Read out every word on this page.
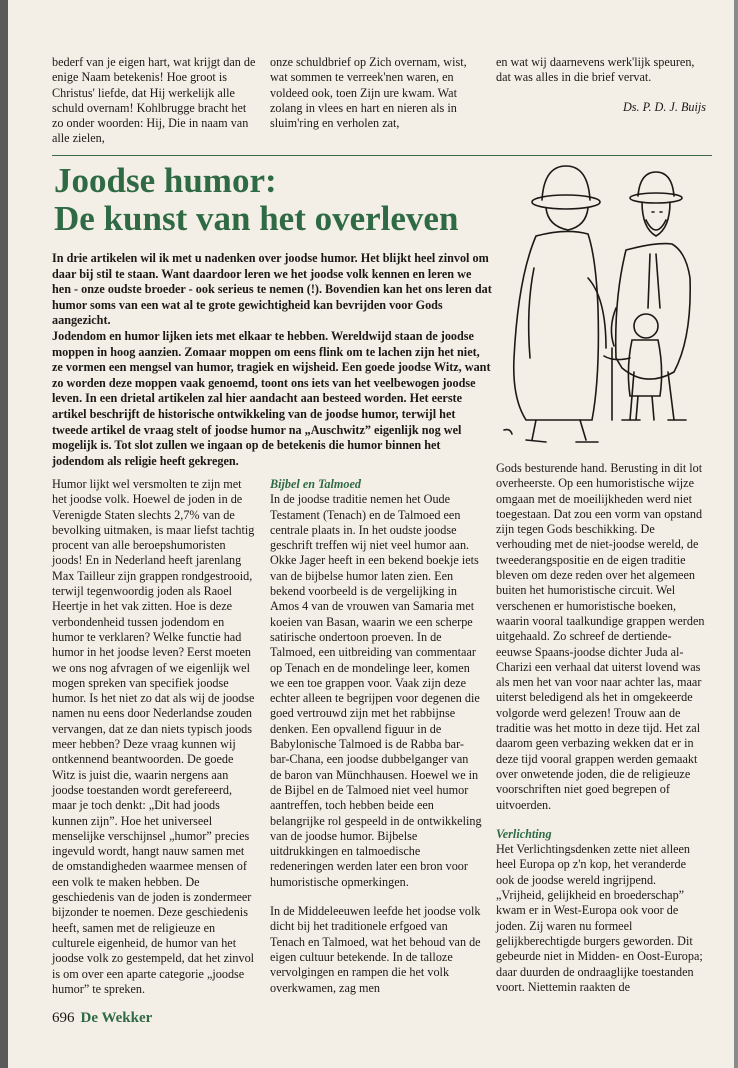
bederf van je eigen hart, wat krijgt dan de enige Naam betekenis! Hoe groot is Christus' liefde, dat Hij werkelijk alle schuld overnam! Kohlbrugge bracht het zo onder woorden: Hij, Die in naam van alle zielen,

onze schuldbrief op Zich overnam, wist, wat sommen te verreek'nen waren, en voldeed ook, toen Zijn ure kwam. Wat zolang in vlees en hart en nieren als in sluim'ring en verholen zat,

en wat wij daarnevens werk'lijk speuren, dat was alles in die brief vervat.

Ds. P. D. J. Buijs

Joodse humor:
De kunst van het overleven

In drie artikelen wil ik met u nadenken over joodse humor. Het blijkt heel zinvol om daar bij stil te staan. Want daardoor leren we het joodse volk kennen en leren we hen - onze oudste broeder - ook serieus te nemen (!). Bovendien kan het ons leren dat humor soms van een wat al te grote gewichtigheid kan bevrijden voor Gods aangezicht.

Jodendom en humor lijken iets met elkaar te hebben. Wereldwijd staan de joodse moppen in hoog aanzien. Zomaar moppen om eens flink om te lachen zijn het niet, ze vormen een mengsel van humor, tragiek en wijsheid. Een goede joodse Witz, want zo worden deze moppen vaak genoemd, toont ons iets van het veelbewogen joodse leven. In een drietal artikelen zal hier aandacht aan besteed worden. Het eerste artikel beschrijft de historische ontwikkeling van de joodse humor, terwijl het tweede artikel de vraag stelt of joodse humor na „Auschwitz” eigenlijk nog wel mogelijk is. Tot slot zullen we ingaan op de betekenis die humor binnen het jodendom als religie heeft gekregen.

Humor lijkt wel versmolten te zijn met het joodse volk. Hoewel de joden in de Verenigde Staten slechts 2,7% van de bevolking uitmaken, is maar liefst tachtig procent van alle beroepshumoristen joods! En in Nederland heeft jarenlang Max Tailleur zijn grappen rondgestrooid, terwijl tegenwoordig joden als Raoel Heertje in het vak zitten. Hoe is deze verbondenheid tussen jodendom en humor te verklaren? Welke functie had humor in het joodse leven? Eerst moeten we ons nog afvragen of we eigenlijk wel mogen spreken van specifiek joodse humor. Is het niet zo dat als wij de joodse namen nu eens door Nederlandse zouden vervangen, dat ze dan niets typisch joods meer hebben? Deze vraag kunnen wij ontkennend beantwoorden. De goede Witz is juist die, waarin nergens aan joodse toestanden wordt gerefereerd, maar je toch denkt: „Dit had joods kunnen zijn”. Hoe het universeel menselijke verschijnsel „humor” precies ingevuld wordt, hangt nauw samen met de omstandigheden waarmee mensen of een volk te maken hebben. De geschiedenis van de joden is zondermeer bijzonder te noemen. Deze geschiedenis heeft, samen met de religieuze en culturele eigenheid, de humor van het joodse volk zo gestempeld, dat het zinvol is om over een aparte categorie „joodse humor” te spreken.

Bijbel en Talmoed

In de joodse traditie nemen het Oude Testament (Tenach) en de Talmoed een centrale plaats in. In het oudste joodse geschrift treffen wij niet veel humor aan. Okke Jager heeft in een bekend boekje iets van de bijbelse humor laten zien. Een bekend voorbeeld is de vergelijking in Amos 4 van de vrouwen van Samaria met koeien van Basan, waarin we een scherpe satirische ondertoon proeven. In de Talmoed, een uitbreiding van commentaar op Tenach en de mondelinge leer, komen we een toe grappen voor. Vaak zijn deze echter alleen te begrijpen voor degenen die goed vertrouwd zijn met het rabbijnse denken. Een opvallend figuur in de Babylonische Talmoed is de Rabba bar-bar-Chana, een joodse dubbelganger van de baron van Münchhausen. Hoewel we in de Bijbel en de Talmoed niet veel humor aantreffen, toch hebben beide een belangrijke rol gespeeld in de ontwikkeling van de joodse humor. Bijbelse uitdrukkingen en talmoedische redeneringen werden later een bron voor humoristische opmerkingen.

In de Middeleeuwen leefde het joodse volk dicht bij het traditionele erfgoed van Tenach en Talmoed, wat het behoud van de eigen cultuur betekende. In de talloze vervolgingen en rampen die het volk overkwamen, zag men

Gods besturende hand. Berusting in dit lot overheerste. Op een humoristische wijze omgaan met de moeilijkheden werd niet toegestaan. Dat zou een vorm van opstand zijn tegen Gods beschikking. De verhouding met de niet-joodse wereld, de tweederangspositie en de eigen traditie bleven om deze reden over het algemeen buiten het humoristische circuit. Wel verschenen er humoristische boeken, waarin vooral taalkundige grappen werden uitgehaald. Zo schreef de dertiende-eeuwse Spaans-joodse dichter Juda al-Charizi een verhaal dat uiterst lovend was als men het van voor naar achter las, maar uiterst beledigend als het in omgekeerde volgorde werd gelezen! Trouw aan de traditie was het motto in deze tijd. Het zal daarom geen verbazing wekken dat er in deze tijd vooral grappen werden gemaakt over onwetende joden, die de religieuze voorschriften niet goed begrepen of uitvoerden.

Verlichting

Het Verlichtingsdenken zette niet alleen heel Europa op z'n kop, het veranderde ook de joodse wereld ingrijpend. „Vrijheid, gelijkheid en broederschap” kwam er in West-Europa ook voor de joden. Zij waren nu formeel gelijkberechtigde burgers geworden. Dit gebeurde niet in Midden- en Oost-Europa; daar duurden de ondraaglijke toestanden voort. Niettemin raakten de

696 De Wekker
